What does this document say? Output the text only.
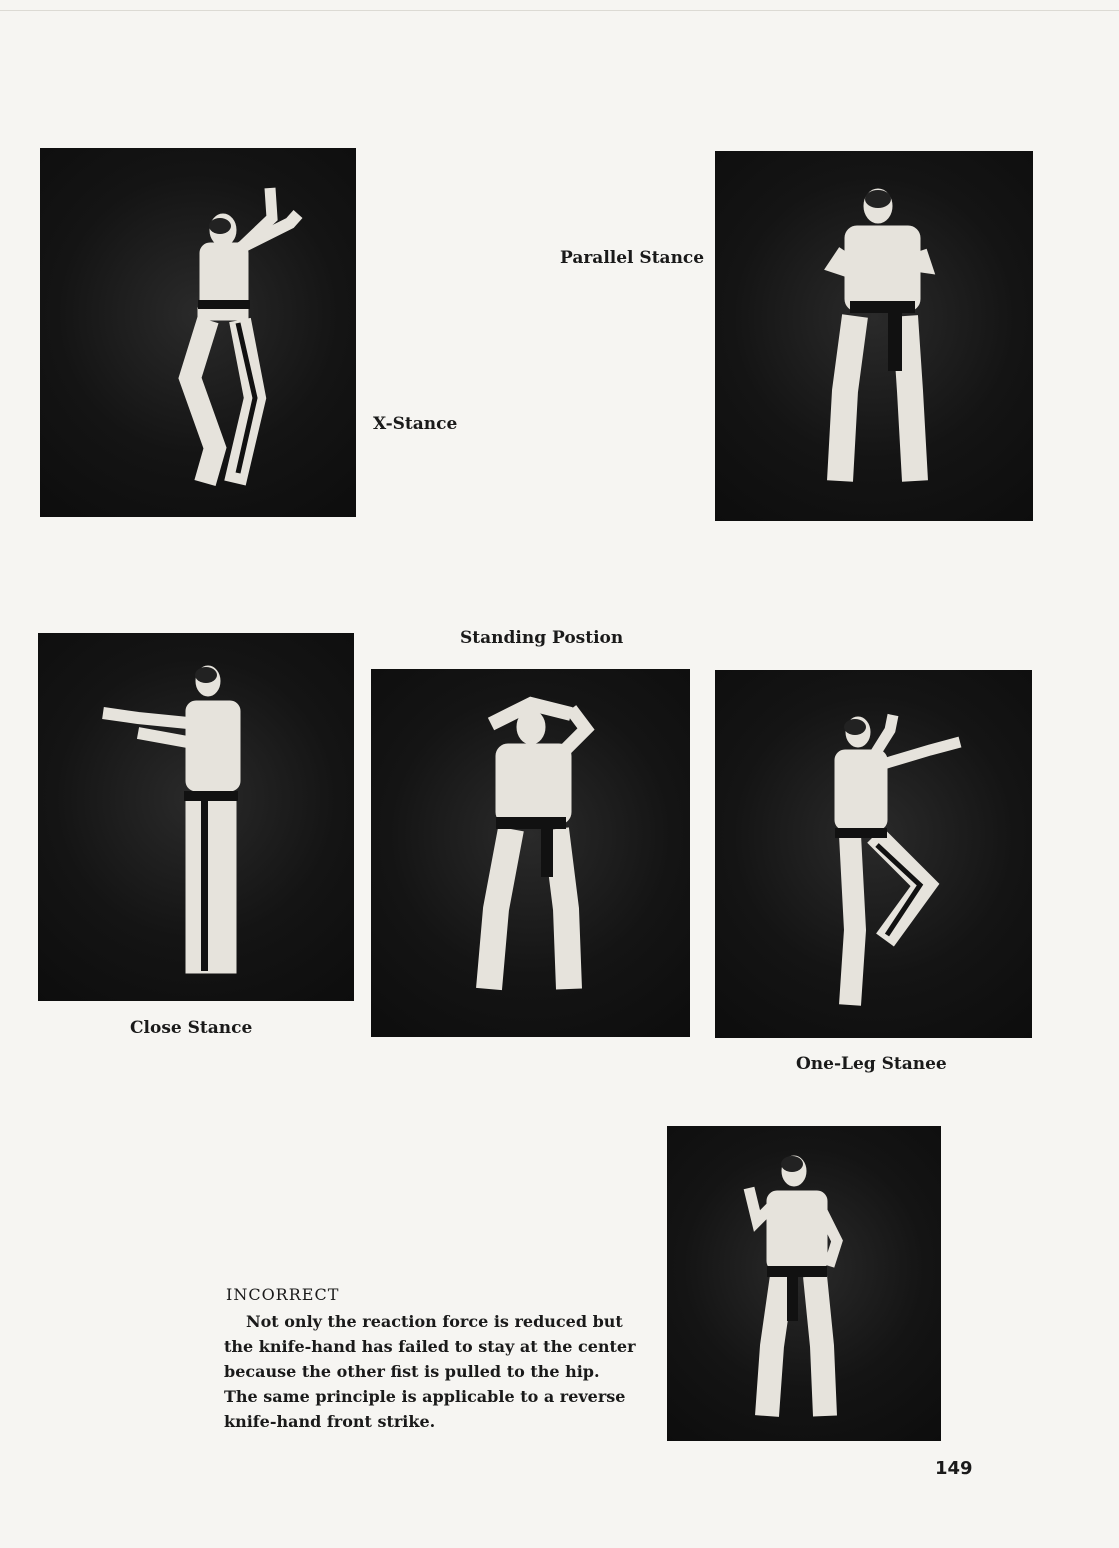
X-Stance
Parallel Stance
Standing Postion
Close Stance
One-Leg Stanee
INCORRECT
Not only the reaction force is reduced but
the knife-hand has failed to stay at the center
because the other fist is pulled to the hip.
The same principle is applicable to a reverse
knife-hand front strike.
149
